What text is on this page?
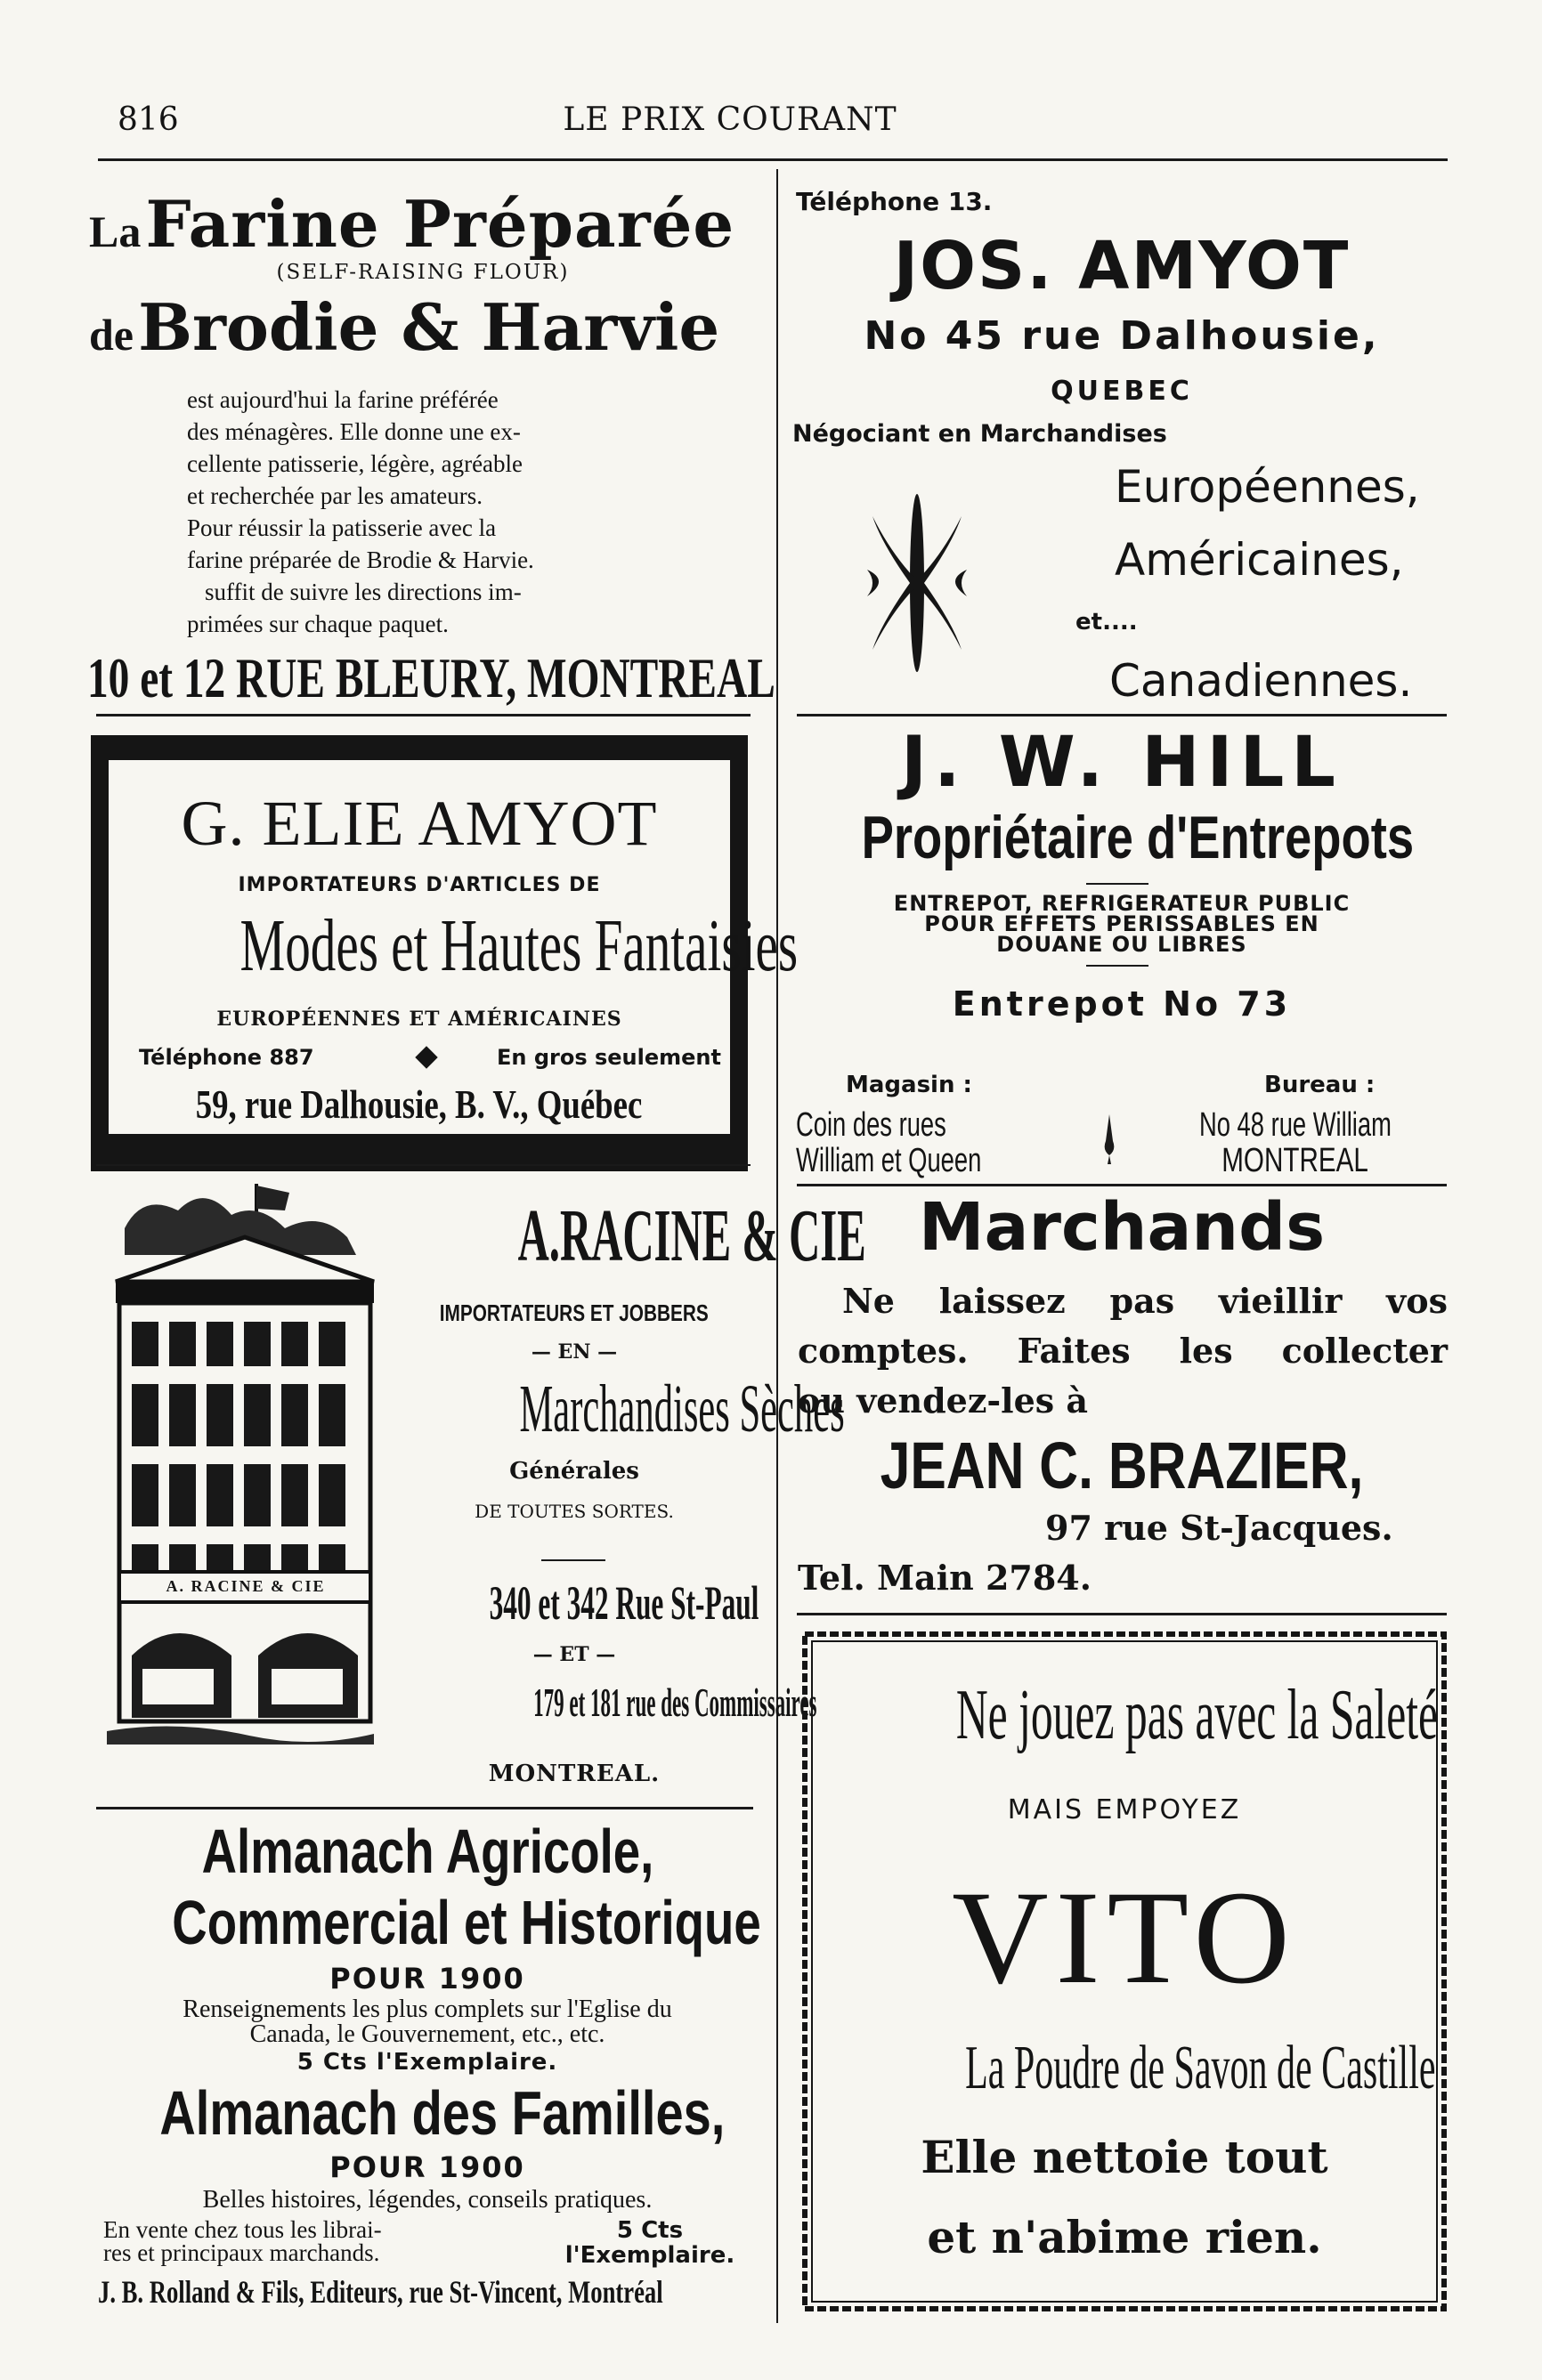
816	LE PRIX COURANT
La Farine Préparée
(SELF-RAISING FLOUR)
de Brodie & Harvie
est aujourd'hui la farine préférée
des ménagères. Elle donne une ex-
cellente patisserie, légère, agréable
et recherchée par les amateurs.
Pour réussir la patisserie avec la
farine préparée de Brodie & Harvie.
suffit de suivre les directions im-
primées sur chaque paquet.
10 et 12 RUE BLEURY, MONTREAL
G. ELIE AMYOT
IMPORTATEURS D'ARTICLES DE
Modes et Hautes Fantaisies
EUROPÉENNES ET AMÉRICAINES
Téléphone 887	En gros seulement
59, rue Dalhousie, B. V., Québec
A. RACINE & CIE
A.RACINE & CIE
IMPORTATEURS ET JOBBERS
— EN —
Marchandises Sèches
Générales
DE TOUTES SORTES.
340 et 342 Rue St-Paul
— ET —
179 et 181 rue des Commissaires
MONTREAL.
Almanach Agricole,
Commercial et Historique
POUR 1900
Renseignements les plus complets sur l'Eglise du
Canada, le Gouvernement, etc., etc.
5 Cts l'Exemplaire.
Almanach des Familles,
POUR 1900
Belles histoires, légendes, conseils pratiques.
En vente chez tous les librai-
res et principaux marchands.
5 Cts
l'Exemplaire.
J. B. Rolland & Fils, Editeurs, rue St-Vincent, Montréal
Téléphone 13.
JOS. AMYOT
No 45 rue Dalhousie,
QUEBEC
Négociant en Marchandises
Européennes,
Américaines,
et....
Canadiennes.
J. W. HILL
Propriétaire d'Entrepots
ENTREPOT, REFRIGERATEUR PUBLIC
POUR EFFETS PERISSABLES EN
DOUANE OU LIBRES
Entrepot No 73
Magasin :	Bureau :
Coin des rues William et Queen
No 48 rue William MONTREAL
Marchands
Ne laissez pas vieillir vos
comptes. Faites les collecter
ou vendez-les à
JEAN C. BRAZIER,
97 rue St-Jacques.
Tel. Main 2784.
Ne jouez pas avec la Saleté
MAIS EMPOYEZ
VITO
La Poudre de Savon de Castille
Elle nettoie tout
et n'abime rien.
